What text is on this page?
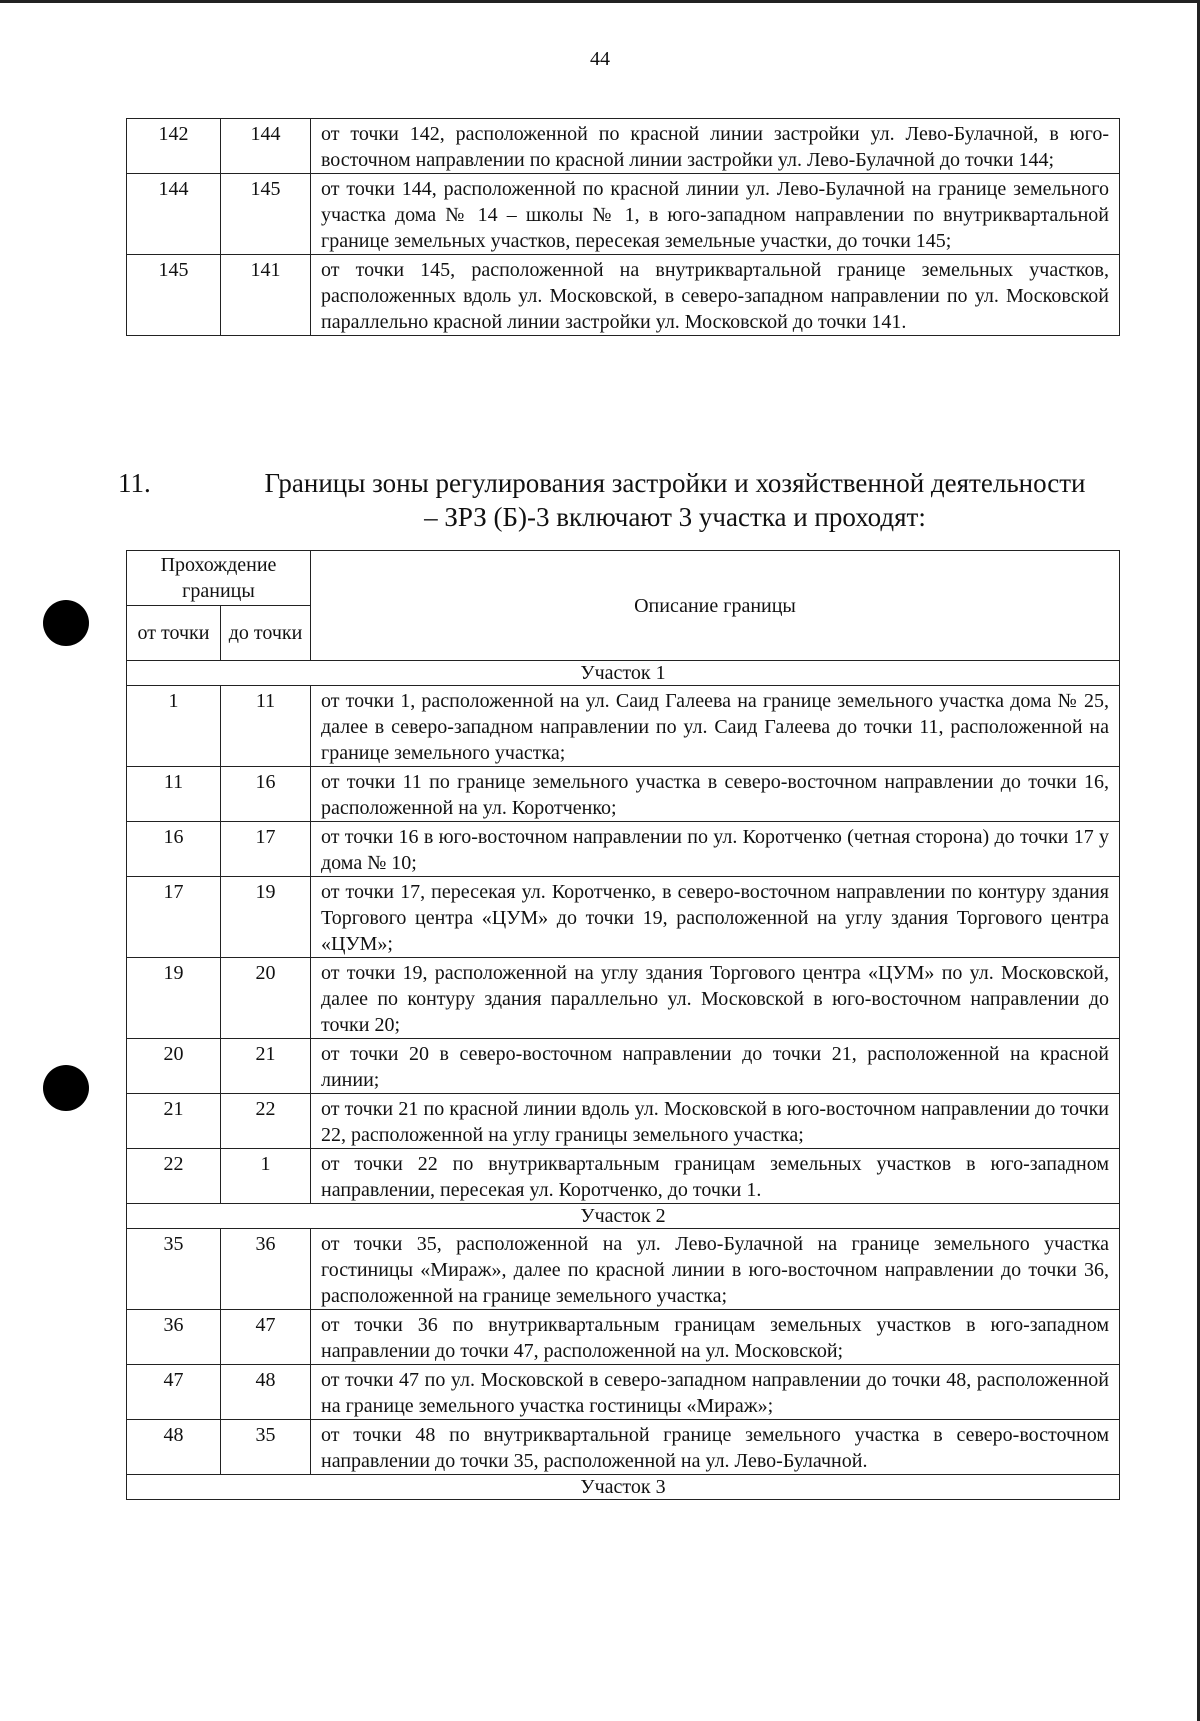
44
142	144	от точки 142, расположенной по красной линии застройки ул. Лево-Булачной, в юго-восточном направлении по красной линии застройки ул. Лево-Булачной до точки 144;
144	145	от точки 144, расположенной по красной линии ул. Лево-Булачной на границе земельного участка дома № 14 – школы № 1, в юго-западном направлении по внутриквартальной границе земельных участков, пересекая земельные участки, до точки 145;
145	141	от точки 145, расположенной на внутриквартальной границе земельных участков, расположенных вдоль ул. Московской, в северо-западном направлении по ул. Московской параллельно красной линии застройки ул. Московской до точки 141.
11.	Границы зоны регулирования застройки и хозяйственной деятельности
– ЗРЗ (Б)-3 включают 3 участка и проходят:
Прохождение границы		Описание границы
от точки	до точки	
Участок 1		
1	11	от точки 1, расположенной на ул. Саид Галеева на границе земельного участка дома № 25, далее в северо-западном направлении по ул. Саид Галеева до точки 11, расположенной на границе земельного участка;
11	16	от точки 11 по границе земельного участка в северо-восточном направлении до точки 16, расположенной на ул. Коротченко;
16	17	от точки 16 в юго-восточном направлении по ул. Коротченко (четная сторона) до точки 17 у дома № 10;
17	19	от точки 17, пересекая ул. Коротченко, в северо-восточном направлении по контуру здания Торгового центра «ЦУМ» до точки 19, расположенной на углу здания Торгового центра «ЦУМ»;
19	20	от точки 19, расположенной на углу здания Торгового центра «ЦУМ» по ул. Московской, далее по контуру здания параллельно ул. Московской в юго-восточном направлении до точки 20;
20	21	от точки 20 в северо-восточном направлении до точки 21, расположенной на красной линии;
21	22	от точки 21 по красной линии вдоль ул. Московской в юго-восточном направлении до точки 22, расположенной на углу границы земельного участка;
22	1	от точки 22 по внутриквартальным границам земельных участков в юго-западном направлении, пересекая ул. Коротченко, до точки 1.
Участок 2		
35	36	от точки 35, расположенной на ул. Лево-Булачной на границе земельного участка гостиницы «Мираж», далее по красной линии в юго-восточном направлении до точки 36, расположенной на границе земельного участка;
36	47	от точки 36 по внутриквартальным границам земельных участков в юго-западном направлении до точки 47, расположенной на ул. Московской;
47	48	от точки 47 по ул. Московской в северо-западном направлении до точки 48, расположенной на границе земельного участка гостиницы «Мираж»;
48	35	от точки 48 по внутриквартальной границе земельного участка в северо-восточном направлении до точки 35, расположенной на ул. Лево-Булачной.
Участок 3		
